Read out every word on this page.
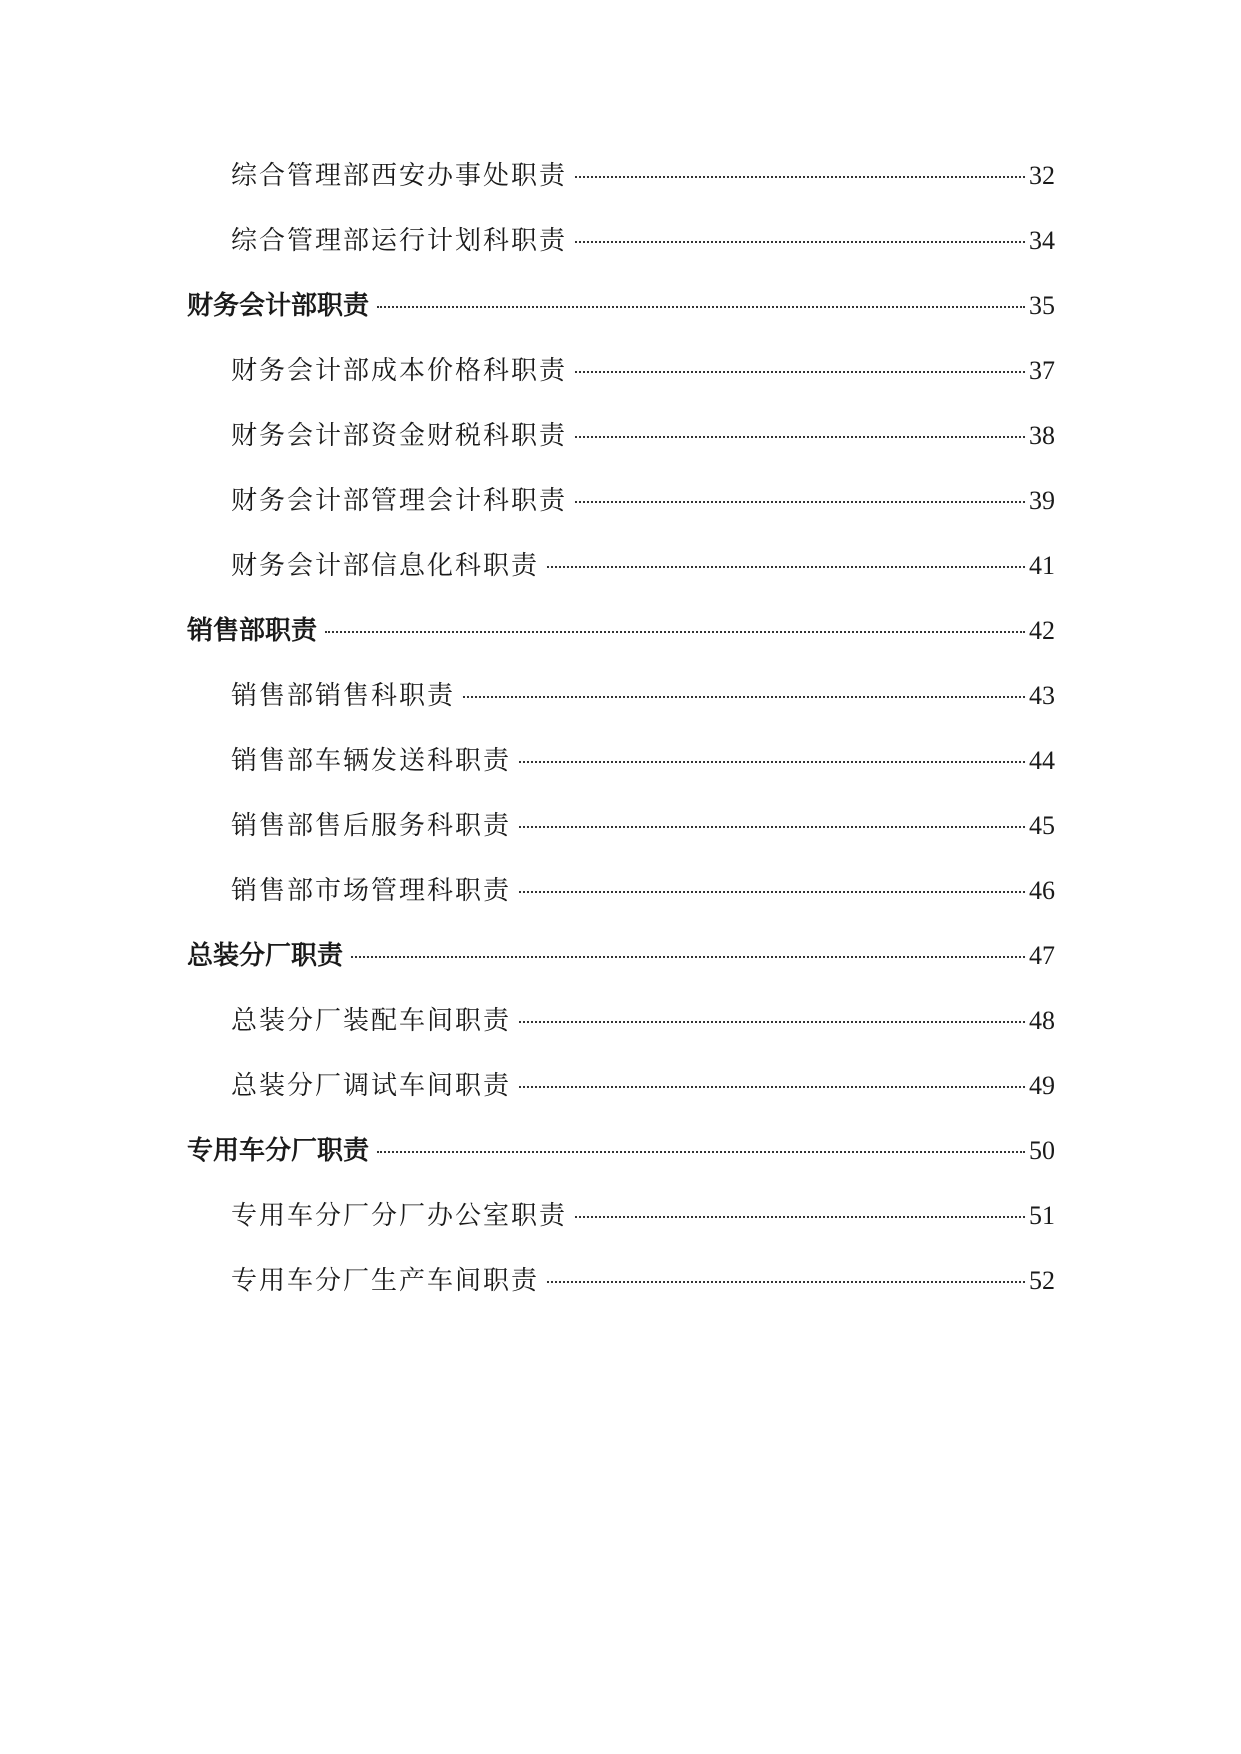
综合管理部西安办事处职责	32
综合管理部运行计划科职责	34
财务会计部职责	35
财务会计部成本价格科职责	37
财务会计部资金财税科职责	38
财务会计部管理会计科职责	39
财务会计部信息化科职责	41
销售部职责	42
销售部销售科职责	43
销售部车辆发送科职责	44
销售部售后服务科职责	45
销售部市场管理科职责	46
总装分厂职责	47
总装分厂装配车间职责	48
总装分厂调试车间职责	49
专用车分厂职责	50
专用车分厂分厂办公室职责	51
专用车分厂生产车间职责	52
